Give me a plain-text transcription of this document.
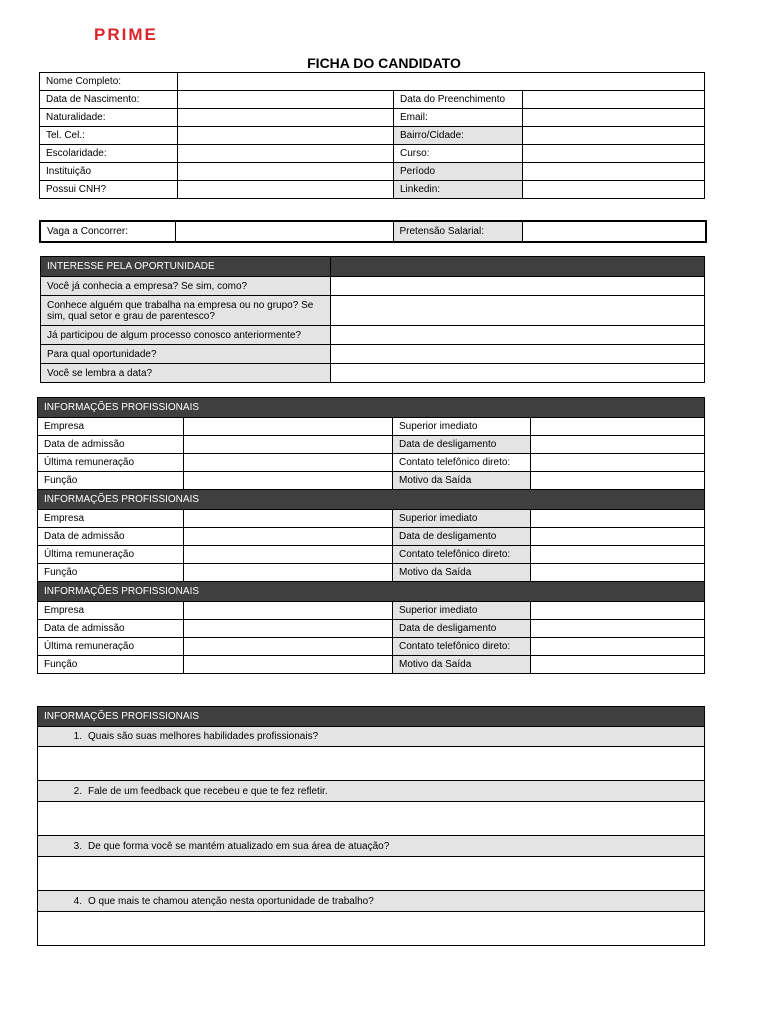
PRIME
FICHA DO CANDIDATO
Nome Completo:			
Data de Nascimento:		Data do Preenchimento	
Naturalidade:		Email:	
Tel. Cel.:		Bairro/Cidade:	
Escolaridade:		Curso:	
Instituição		Período	
Possui CNH?		Linkedin:	
Vaga a Concorrer:		Pretensão Salarial:	
INTERESSE PELA OPORTUNIDADE	
Você já conhecia a empresa? Se sim, como?	
Conhece alguém que trabalha na empresa ou no grupo? Se sim, qual setor e grau de parentesco?	
Já participou de algum processo conosco anteriormente?	
Para qual oportunidade?	
Você se lembra a data?	
INFORMAÇÕES PROFISSIONAIS			
Empresa		Superior imediato	
Data de admissão		Data de desligamento	
Última remuneração		Contato telefônico direto:	
Função		Motivo da Saída	
INFORMAÇÕES PROFISSIONAIS			
Empresa		Superior imediato	
Data de admissão		Data de desligamento	
Última remuneração		Contato telefônico direto:	
Função		Motivo da Saída	
INFORMAÇÕES PROFISSIONAIS			
Empresa		Superior imediato	
Data de admissão		Data de desligamento	
Última remuneração		Contato telefônico direto:	
Função		Motivo da Saída	
INFORMAÇÕES PROFISSIONAIS
1. Quais são suas melhores habilidades profissionais?

2. Fale de um feedback que recebeu e que te fez refletir.

3. De que forma você se mantém atualizado em sua área de atuação?

4. O que mais te chamou atenção nesta oportunidade de trabalho?
